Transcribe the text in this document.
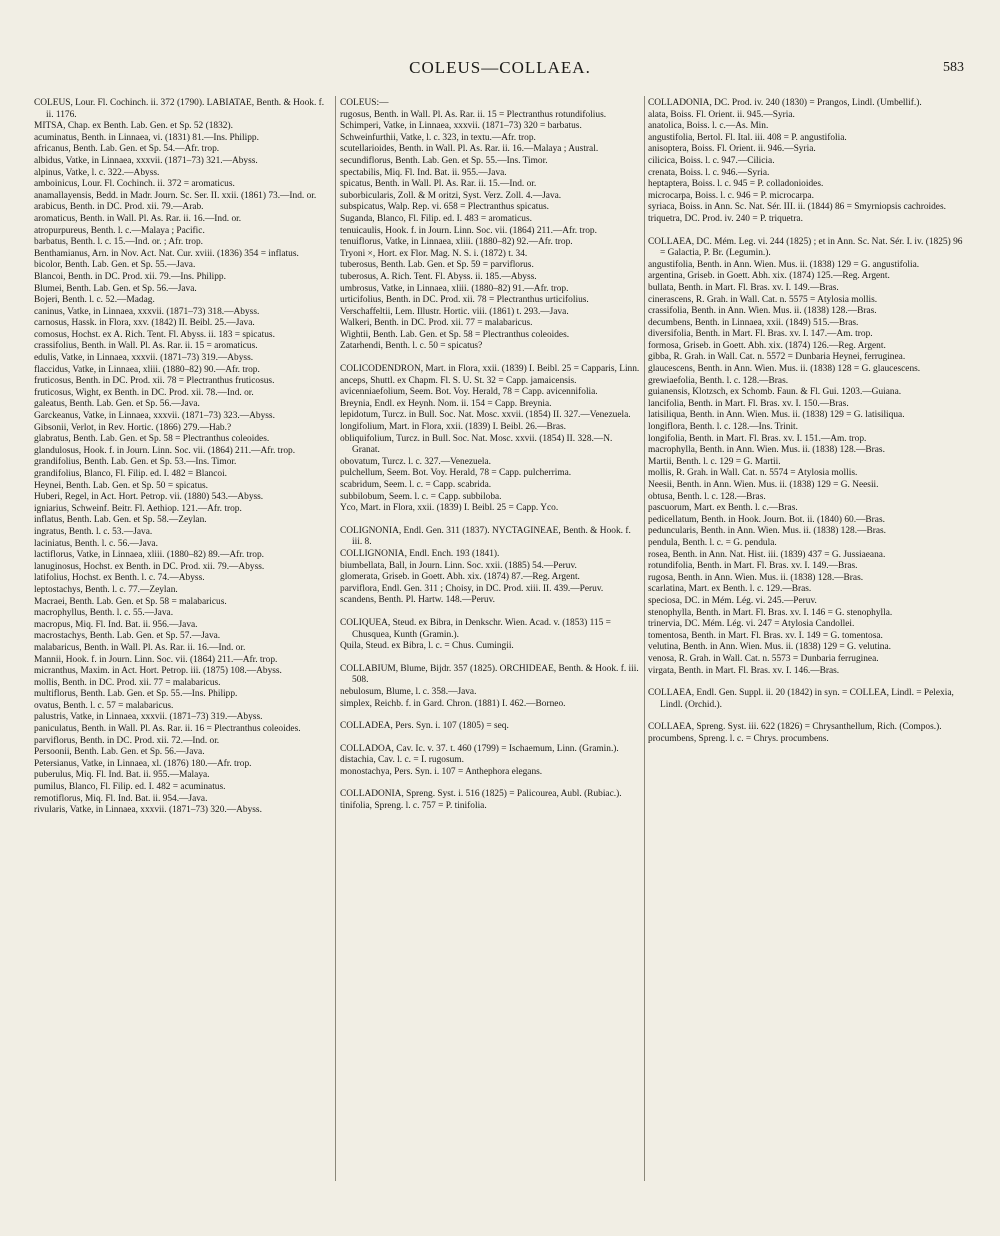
COLEUS—COLLAEA.	583

COLEUS, Lour. Fl. Cochinch. ii. 372 (1790). LABIATAE, Benth. & Hook. f. ii. 1176.

MITSA, Chap. ex Benth. Lab. Gen. et Sp. 52 (1832).

acuminatus, Benth. in Linnaea, vi. (1831) 81.—Ins. Philipp.

africanus, Benth. Lab. Gen. et Sp. 54.—Afr. trop.

albidus, Vatke, in Linnaea, xxxvii. (1871–73) 321.—Abyss.

alpinus, Vatke, l. c. 322.—Abyss.

amboinicus, Lour. Fl. Cochinch. ii. 372 = aromaticus.

anamallayensis, Bedd. in Madr. Journ. Sc. Ser. II. xxii. (1861) 73.—Ind. or.

arabicus, Benth. in DC. Prod. xii. 79.—Arab.

aromaticus, Benth. in Wall. Pl. As. Rar. ii. 16.—Ind. or.

atropurpureus, Benth. l. c.—Malaya ; Pacific.

barbatus, Benth. l. c. 15.—Ind. or. ; Afr. trop.

Benthamianus, Arn. in Nov. Act. Nat. Cur. xviii. (1836) 354 = inflatus.

bicolor, Benth. Lab. Gen. et Sp. 55.—Java.

Blancoi, Benth. in DC. Prod. xii. 79.—Ins. Philipp.

Blumei, Benth. Lab. Gen. et Sp. 56.—Java.

Bojeri, Benth. l. c. 52.—Madag.

caninus, Vatke, in Linnaea, xxxvii. (1871–73) 318.—Abyss.

carnosus, Hassk. in Flora, xxv. (1842) II. Beibl. 25.—Java.

comosus, Hochst. ex A. Rich. Tent. Fl. Abyss. ii. 183 = spicatus.

crassifolius, Benth. in Wall. Pl. As. Rar. ii. 15 = aromaticus.

edulis, Vatke, in Linnaea, xxxvii. (1871–73) 319.—Abyss.

flaccidus, Vatke, in Linnaea, xliii. (1880–82) 90.—Afr. trop.

fruticosus, Benth. in DC. Prod. xii. 78 = Plectranthus fruticosus.

fruticosus, Wight, ex Benth. in DC. Prod. xii. 78.—Ind. or.

galeatus, Benth. Lab. Gen. et Sp. 56.—Java.

Garckeanus, Vatke, in Linnaea, xxxvii. (1871–73) 323.—Abyss.

Gibsonii, Verlot, in Rev. Hortic. (1866) 279.—Hab.?

glabratus, Benth. Lab. Gen. et Sp. 58 = Plectranthus coleoides.

glandulosus, Hook. f. in Journ. Linn. Soc. vii. (1864) 211.—Afr. trop.

grandifolius, Benth. Lab. Gen. et Sp. 53.—Ins. Timor.

grandifolius, Blanco, Fl. Filip. ed. I. 482 = Blancoi.

Heynei, Benth. Lab. Gen. et Sp. 50 = spicatus.

Huberi, Regel, in Act. Hort. Petrop. vii. (1880) 543.—Abyss.

igniarius, Schweinf. Beitr. Fl. Aethiop. 121.—Afr. trop.

inflatus, Benth. Lab. Gen. et Sp. 58.—Zeylan.

ingratus, Benth. l. c. 53.—Java.

laciniatus, Benth. l. c. 56.—Java.

lactiflorus, Vatke, in Linnaea, xliii. (1880–82) 89.—Afr. trop.

lanuginosus, Hochst. ex Benth. in DC. Prod. xii. 79.—Abyss.

latifolius, Hochst. ex Benth. l. c. 74.—Abyss.

leptostachys, Benth. l. c. 77.—Zeylan.

Macraei, Benth. Lab. Gen. et Sp. 58 = malabaricus.

macrophyllus, Benth. l. c. 55.—Java.

macropus, Miq. Fl. Ind. Bat. ii. 956.—Java.

macrostachys, Benth. Lab. Gen. et Sp. 57.—Java.

malabaricus, Benth. in Wall. Pl. As. Rar. ii. 16.—Ind. or.

Mannii, Hook. f. in Journ. Linn. Soc. vii. (1864) 211.—Afr. trop.

micranthus, Maxim. in Act. Hort. Petrop. iii. (1875) 108.—Abyss.

mollis, Benth. in DC. Prod. xii. 77 = malabaricus.

multiflorus, Benth. Lab. Gen. et Sp. 55.—Ins. Philipp.

ovatus, Benth. l. c. 57 = malabaricus.

palustris, Vatke, in Linnaea, xxxvii. (1871–73) 319.—Abyss.

paniculatus, Benth. in Wall. Pl. As. Rar. ii. 16 = Plectranthus coleoides.

parviflorus, Benth. in DC. Prod. xii. 72.—Ind. or.

Persoonii, Benth. Lab. Gen. et Sp. 56.—Java.

Petersianus, Vatke, in Linnaea, xl. (1876) 180.—Afr. trop.

puberulus, Miq. Fl. Ind. Bat. ii. 955.—Malaya.

pumilus, Blanco, Fl. Filip. ed. I. 482 = acuminatus.

remotiflorus, Miq. Fl. Ind. Bat. ii. 954.—Java.

rivularis, Vatke, in Linnaea, xxxvii. (1871–73) 320.—Abyss.

COLEUS:—

rugosus, Benth. in Wall. Pl. As. Rar. ii. 15 = Plectranthus rotundifolius.

Schimperi, Vatke, in Linnaea, xxxvii. (1871–73) 320 = barbatus.

Schweinfurthii, Vatke, l. c. 323, in textu.—Afr. trop.

scutellarioides, Benth. in Wall. Pl. As. Rar. ii. 16.—Malaya ; Austral.

secundiflorus, Benth. Lab. Gen. et Sp. 55.—Ins. Timor.

spectabilis, Miq. Fl. Ind. Bat. ii. 955.—Java.

spicatus, Benth. in Wall. Pl. As. Rar. ii. 15.—Ind. or.

suborbicularis, Zoll. & M oritzi, Syst. Verz. Zoll. 4.—Java.

subspicatus, Walp. Rep. vi. 658 = Plectranthus spicatus.

Suganda, Blanco, Fl. Filip. ed. I. 483 = aromaticus.

tenuicaulis, Hook. f. in Journ. Linn. Soc. vii. (1864) 211.—Afr. trop.

tenuiflorus, Vatke, in Linnaea, xliii. (1880–82) 92.—Afr. trop.

Tryoni ×, Hort. ex Flor. Mag. N. S. i. (1872) t. 34.

tuberosus, Benth. Lab. Gen. et Sp. 59 = parviflorus.

tuberosus, A. Rich. Tent. Fl. Abyss. ii. 185.—Abyss.

umbrosus, Vatke, in Linnaea, xliii. (1880–82) 91.—Afr. trop.

urticifolius, Benth. in DC. Prod. xii. 78 = Plectranthus urticifolius.

Verschaffeltii, Lem. Illustr. Hortic. viii. (1861) t. 293.—Java.

Walkeri, Benth. in DC. Prod. xii. 77 = malabaricus.

Wightii, Benth. Lab. Gen. et Sp. 58 = Plectranthus coleoides.

Zatarhendi, Benth. l. c. 50 = spicatus?

COLICODENDRON, Mart. in Flora, xxii. (1839) I. Beibl. 25 = Capparis, Linn.

anceps, Shuttl. ex Chapm. Fl. S. U. St. 32 = Capp. jamaicensis.

avicenniaefolium, Seem. Bot. Voy. Herald, 78 = Capp. avicennifolia.

Breynia, Endl. ex Heynh. Nom. ii. 154 = Capp. Breynia.

lepidotum, Turcz. in Bull. Soc. Nat. Mosc. xxvii. (1854) II. 327.—Venezuela.

longifolium, Mart. in Flora, xxii. (1839) I. Beibl. 26.—Bras.

obliquifolium, Turcz. in Bull. Soc. Nat. Mosc. xxvii. (1854) II. 328.—N. Granat.

obovatum, Turcz. l. c. 327.—Venezuela.

pulchellum, Seem. Bot. Voy. Herald, 78 = Capp. pulcherrima.

scabridum, Seem. l. c. = Capp. scabrida.

subbilobum, Seem. l. c. = Capp. subbiloba.

Yco, Mart. in Flora, xxii. (1839) I. Beibl. 25 = Capp. Yco.

COLIGNONIA, Endl. Gen. 311 (1837). NYCTAGINEAE, Benth. & Hook. f. iii. 8.

COLLIGNONIA, Endl. Ench. 193 (1841).

biumbellata, Ball, in Journ. Linn. Soc. xxii. (1885) 54.—Peruv.

glomerata, Griseb. in Goett. Abh. xix. (1874) 87.—Reg. Argent.

parviflora, Endl. Gen. 311 ; Choisy, in DC. Prod. xiii. II. 439.—Peruv.

scandens, Benth. Pl. Hartw. 148.—Peruv.

COLIQUEA, Steud. ex Bibra, in Denkschr. Wien. Acad. v. (1853) 115 = Chusquea, Kunth (Gramin.).

Quila, Steud. ex Bibra, l. c. = Chus. Cumingii.

COLLABIUM, Blume, Bijdr. 357 (1825). ORCHIDEAE, Benth. & Hook. f. iii. 508.

nebulosum, Blume, l. c. 358.—Java.

simplex, Reichb. f. in Gard. Chron. (1881) I. 462.—Borneo.

COLLADEA, Pers. Syn. i. 107 (1805) = seq.

COLLADOA, Cav. Ic. v. 37. t. 460 (1799) = Ischaemum, Linn. (Gramin.).

distachia, Cav. l. c. = I. rugosum.

monostachya, Pers. Syn. i. 107 = Anthephora elegans.

COLLADONIA, Spreng. Syst. i. 516 (1825) = Palicourea, Aubl. (Rubiac.).

tinifolia, Spreng. l. c. 757 = P. tinifolia.

COLLADONIA, DC. Prod. iv. 240 (1830) = Prangos, Lindl. (Umbellif.).

alata, Boiss. Fl. Orient. ii. 945.—Syria.

anatolica, Boiss. l. c.—As. Min.

angustifolia, Bertol. Fl. Ital. iii. 408 = P. angustifolia.

anisoptera, Boiss. Fl. Orient. ii. 946.—Syria.

cilicica, Boiss. l. c. 947.—Cilicia.

crenata, Boiss. l. c. 946.—Syria.

heptaptera, Boiss. l. c. 945 = P. colladonioides.

microcarpa, Boiss. l. c. 946 = P. microcarpa.

syriaca, Boiss. in Ann. Sc. Nat. Sér. III. ii. (1844) 86 = Smyrniopsis cachroides.

triquetra, DC. Prod. iv. 240 = P. triquetra.

COLLAEA, DC. Mém. Leg. vi. 244 (1825) ; et in Ann. Sc. Nat. Sér. I. iv. (1825) 96 = Galactia, P. Br. (Legumin.).

angustifolia, Benth. in Ann. Wien. Mus. ii. (1838) 129 = G. angustifolia.

argentina, Griseb. in Goett. Abh. xix. (1874) 125.—Reg. Argent.

bullata, Benth. in Mart. Fl. Bras. xv. I. 149.—Bras.

cinerascens, R. Grah. in Wall. Cat. n. 5575 = Atylosia mollis.

crassifolia, Benth. in Ann. Wien. Mus. ii. (1838) 128.—Bras.

decumbens, Benth. in Linnaea, xxii. (1849) 515.—Bras.

diversifolia, Benth. in Mart. Fl. Bras. xv. I. 147.—Am. trop.

formosa, Griseb. in Goett. Abh. xix. (1874) 126.—Reg. Argent.

gibba, R. Grah. in Wall. Cat. n. 5572 = Dunbaria Heynei, ferruginea.

glaucescens, Benth. in Ann. Wien. Mus. ii. (1838) 128 = G. glaucescens.

grewiaefolia, Benth. l. c. 128.—Bras.

guianensis, Klotzsch, ex Schomb. Faun. & Fl. Gui. 1203.—Guiana.

lancifolia, Benth. in Mart. Fl. Bras. xv. I. 150.—Bras.

latisiliqua, Benth. in Ann. Wien. Mus. ii. (1838) 129 = G. latisiliqua.

longiflora, Benth. l. c. 128.—Ins. Trinit.

longifolia, Benth. in Mart. Fl. Bras. xv. I. 151.—Am. trop.

macrophylla, Benth. in Ann. Wien. Mus. ii. (1838) 128.—Bras.

Martii, Benth. l. c. 129 = G. Martii.

mollis, R. Grah. in Wall. Cat. n. 5574 = Atylosia mollis.

Neesii, Benth. in Ann. Wien. Mus. ii. (1838) 129 = G. Neesii.

obtusa, Benth. l. c. 128.—Bras.

pascuorum, Mart. ex Benth. l. c.—Bras.

pedicellatum, Benth. in Hook. Journ. Bot. ii. (1840) 60.—Bras.

peduncularis, Benth. in Ann. Wien. Mus. ii. (1838) 128.—Bras.

pendula, Benth. l. c. = G. pendula.

rosea, Benth. in Ann. Nat. Hist. iii. (1839) 437 = G. Jussiaeana.

rotundifolia, Benth. in Mart. Fl. Bras. xv. I. 149.—Bras.

rugosa, Benth. in Ann. Wien. Mus. ii. (1838) 128.—Bras.

scarlatina, Mart. ex Benth. l. c. 129.—Bras.

speciosa, DC. in Mém. Lég. vi. 245.—Peruv.

stenophylla, Benth. in Mart. Fl. Bras. xv. I. 146 = G. stenophylla.

trinervia, DC. Mém. Lég. vi. 247 = Atylosia Candollei.

tomentosa, Benth. in Mart. Fl. Bras. xv. I. 149 = G. tomentosa.

velutina, Benth. in Ann. Wien. Mus. ii. (1838) 129 = G. velutina.

venosa, R. Grah. in Wall. Cat. n. 5573 = Dunbaria ferruginea.

virgata, Benth. in Mart. Fl. Bras. xv. I. 146.—Bras.

COLLAEA, Endl. Gen. Suppl. ii. 20 (1842) in syn. = COLLEA, Lindl. = Pelexia, Lindl. (Orchid.).

COLLAEA, Spreng. Syst. iii. 622 (1826) = Chrysanthellum, Rich. (Compos.).

procumbens, Spreng. l. c. = Chrys. procumbens.
